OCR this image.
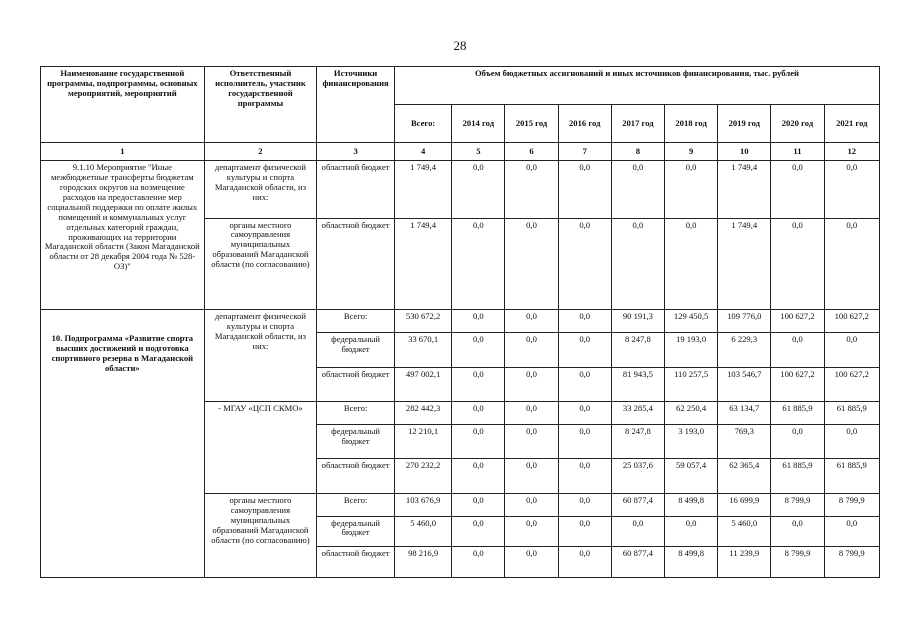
28
Наименование государственной программы, подпрограммы, основных мероприятий, мероприятий	Ответственный исполнитель, участник государственной программы	Источники финансирования	Объем бюджетных ассигнований и иных источников финансирования, тыс. рублей								
			Всего:	2014 год	2015 год	2016 год	2017 год	2018 год	2019 год	2020 год	2021 год
1	2	3	4	5	6	7	8	9	10	11	12
9.1.10 Мероприятие "Иные межбюджетные трансферты бюджетам городских округов на возмещение расходов на предоставление мер социальной поддержки по оплате жилых помещений и коммунальных услуг отдельных категорий граждан, проживающих на территории Магаданской области (Закон Магаданской области от 28 декабря 2004 года № 528-ОЗ)"	департамент физической культуры и спорта Магаданской области, из них:	областной бюджет	1 749,4	0,0	0,0	0,0	0,0	0,0	1 749,4	0,0	0,0
	органы местного самоуправления муниципальных образований Магаданской области (по согласованию)	областной бюджет	1 749,4	0,0	0,0	0,0	0,0	0,0	1 749,4	0,0	0,0
10. Подпрограмма «Развитие спорта высших достижений и подготовка спортивного резерва в Магаданской области»	департамент физической культуры и спорта Магаданской области, из них:	Всего:	530 672,2	0,0	0,0	0,0	90 191,3	129 450,5	109 776,0	100 627,2	100 627,2
		федеральный бюджет	33 670,1	0,0	0,0	0,0	8 247,8	19 193,0	6 229,3	0,0	0,0
		областной бюджет	497 002,1	0,0	0,0	0,0	81 943,5	110 257,5	103 546,7	100 627,2	100 627,2
	- МГАУ «ЦСП СКМО»	Всего:	282 442,3	0,0	0,0	0,0	33 285,4	62 250,4	63 134,7	61 885,9	61 885,9
		федеральный бюджет	12 210,1	0,0	0,0	0,0	8 247,8	3 193,0	769,3	0,0	0,0
		областной бюджет	270 232,2	0,0	0,0	0,0	25 037,6	59 057,4	62 365,4	61 885,9	61 885,9
	органы местного самоуправления муниципальных образований Магаданской области (по согласованию)	Всего:	103 676,9	0,0	0,0	0,0	60 877,4	8 499,8	16 699,9	8 799,9	8 799,9
		федеральный бюджет	5 460,0	0,0	0,0	0,0	0,0	0,0	5 460,0	0,0	0,0
		областной бюджет	98 216,9	0,0	0,0	0,0	60 877,4	8 499,8	11 239,9	8 799,9	8 799,9
